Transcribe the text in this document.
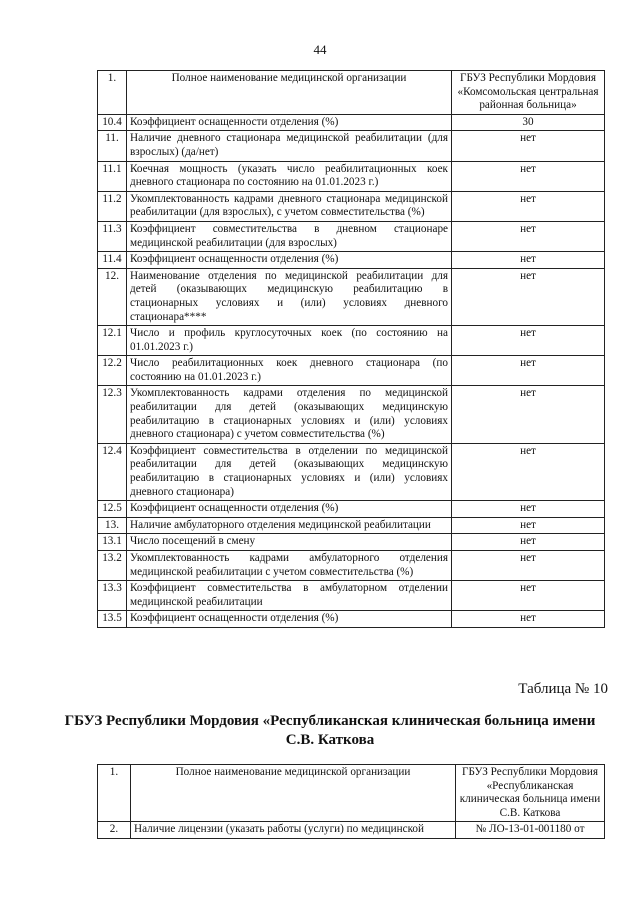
44
1.	Полное наименование медицинской организации	ГБУЗ Республики Мордовия «Комсомольская центральная районная больница»
10.4	Коэффициент оснащенности отделения (%)	30
11.	Наличие дневного стационара медицинской реабилитации (для взрослых) (да/нет)	нет
11.1	Коечная мощность (указать число реабилитационных коек дневного стационара по состоянию на 01.01.2023 г.)	нет
11.2	Укомплектованность кадрами дневного стационара медицинской реабилитации (для взрослых), с учетом совместительства (%)	нет
11.3	Коэффициент совместительства в дневном стационаре медицинской реабилитации (для взрослых)	нет
11.4	Коэффициент оснащенности отделения (%)	нет
12.	Наименование отделения по медицинской реабилитации для детей (оказывающих медицинскую реабилитацию в стационарных условиях и (или) условиях дневного стационара****	нет
12.1	Число и профиль круглосуточных коек (по состоянию на 01.01.2023 г.)	нет
12.2	Число реабилитационных коек дневного стационара (по состоянию на 01.01.2023 г.)	нет
12.3	Укомплектованность кадрами отделения по медицинской реабилитации для детей (оказывающих медицинскую реабилитацию в стационарных условиях и (или) условиях дневного стационара) с учетом совместительства (%)	нет
12.4	Коэффициент совместительства в отделении по медицинской реабилитации для детей (оказывающих медицинскую реабилитацию в стационарных условиях и (или) условиях дневного стационара)	нет
12.5	Коэффициент оснащенности отделения (%)	нет
13.	Наличие амбулаторного отделения медицинской реабилитации	нет
13.1	Число посещений в смену	нет
13.2	Укомплектованность кадрами амбулаторного отделения медицинской реабилитации с учетом совместительства (%)	нет
13.3	Коэффициент совместительства в амбулаторном отделении медицинской реабилитации	нет
13.5	Коэффициент оснащенности отделения (%)	нет
Таблица № 10
ГБУЗ Республики Мордовия «Республиканская клиническая больница имени С.В. Каткова
1.	Полное наименование медицинской организации	ГБУЗ Республики Мордовия «Республиканская клиническая больница имени С.В. Каткова
2.	Наличие лицензии (указать работы (услуги) по медицинской	№ ЛО-13-01-001180 от
